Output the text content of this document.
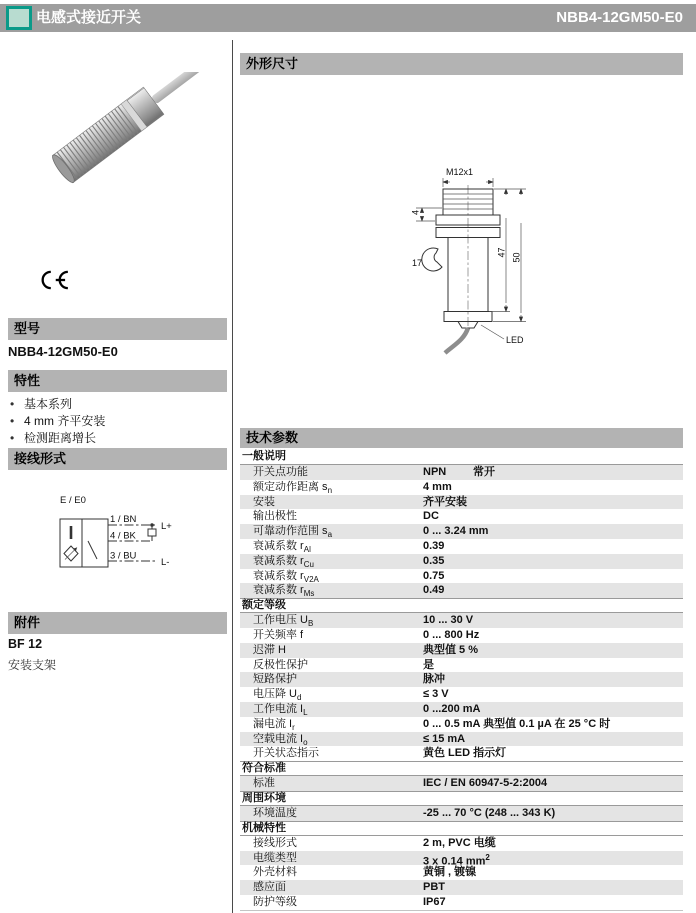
电感式接近开关	NBB4-12GM50-E0
型号
NBB4-12GM50-E0
特性
• 基本系列
• 4 mm 齐平安装
• 检测距离增长
接线形式
E / E0
1 / BN
4 / BK
3 / BU
L+
L-
附件
BF 12
安装支架
外形尺寸
M12x1
4
17
LED
47 50
技术参数
一般说明
开关点功能	NPN 常开
额定动作距离 $s_n$	4 mm
安装	齐平安装
输出极性	DC
可靠动作范围 $s_a$	0 ... 3.24 mm
衰减系数 $r_{Al}$	0.39
衰减系数 $r_{Cu}$	0.35
衰减系数 $r_{V2A}$	0.75
衰减系数 $r_{Ms}$	0.49
额定等级
工作电压 $U_B$	10 ... 30 V
开关频率 f	0 ... 800 Hz
迟滞 H	典型值 5 %
反极性保护	是
短路保护	脉冲
电压降 $U_d$	≤ 3 V
工作电流 $I_L$	0 ...200 mA
漏电流 $I_r$	0 ... 0.5 mA 典型值 0.1 µA 在 25 °C 时
空载电流 $I_o$	≤ 15 mA
开关状态指示	黄色 LED 指示灯
符合标准
标准	IEC / EN 60947-5-2:2004
周围环境
环境温度	-25 ... 70 °C (248 ... 343 K)
机械特性
接线形式	2 m, PVC 电缆
电缆类型	3 x 0.14 $mm^2$
外壳材料	黄铜 , 镀镍
感应面	PBT
防护等级	IP67
